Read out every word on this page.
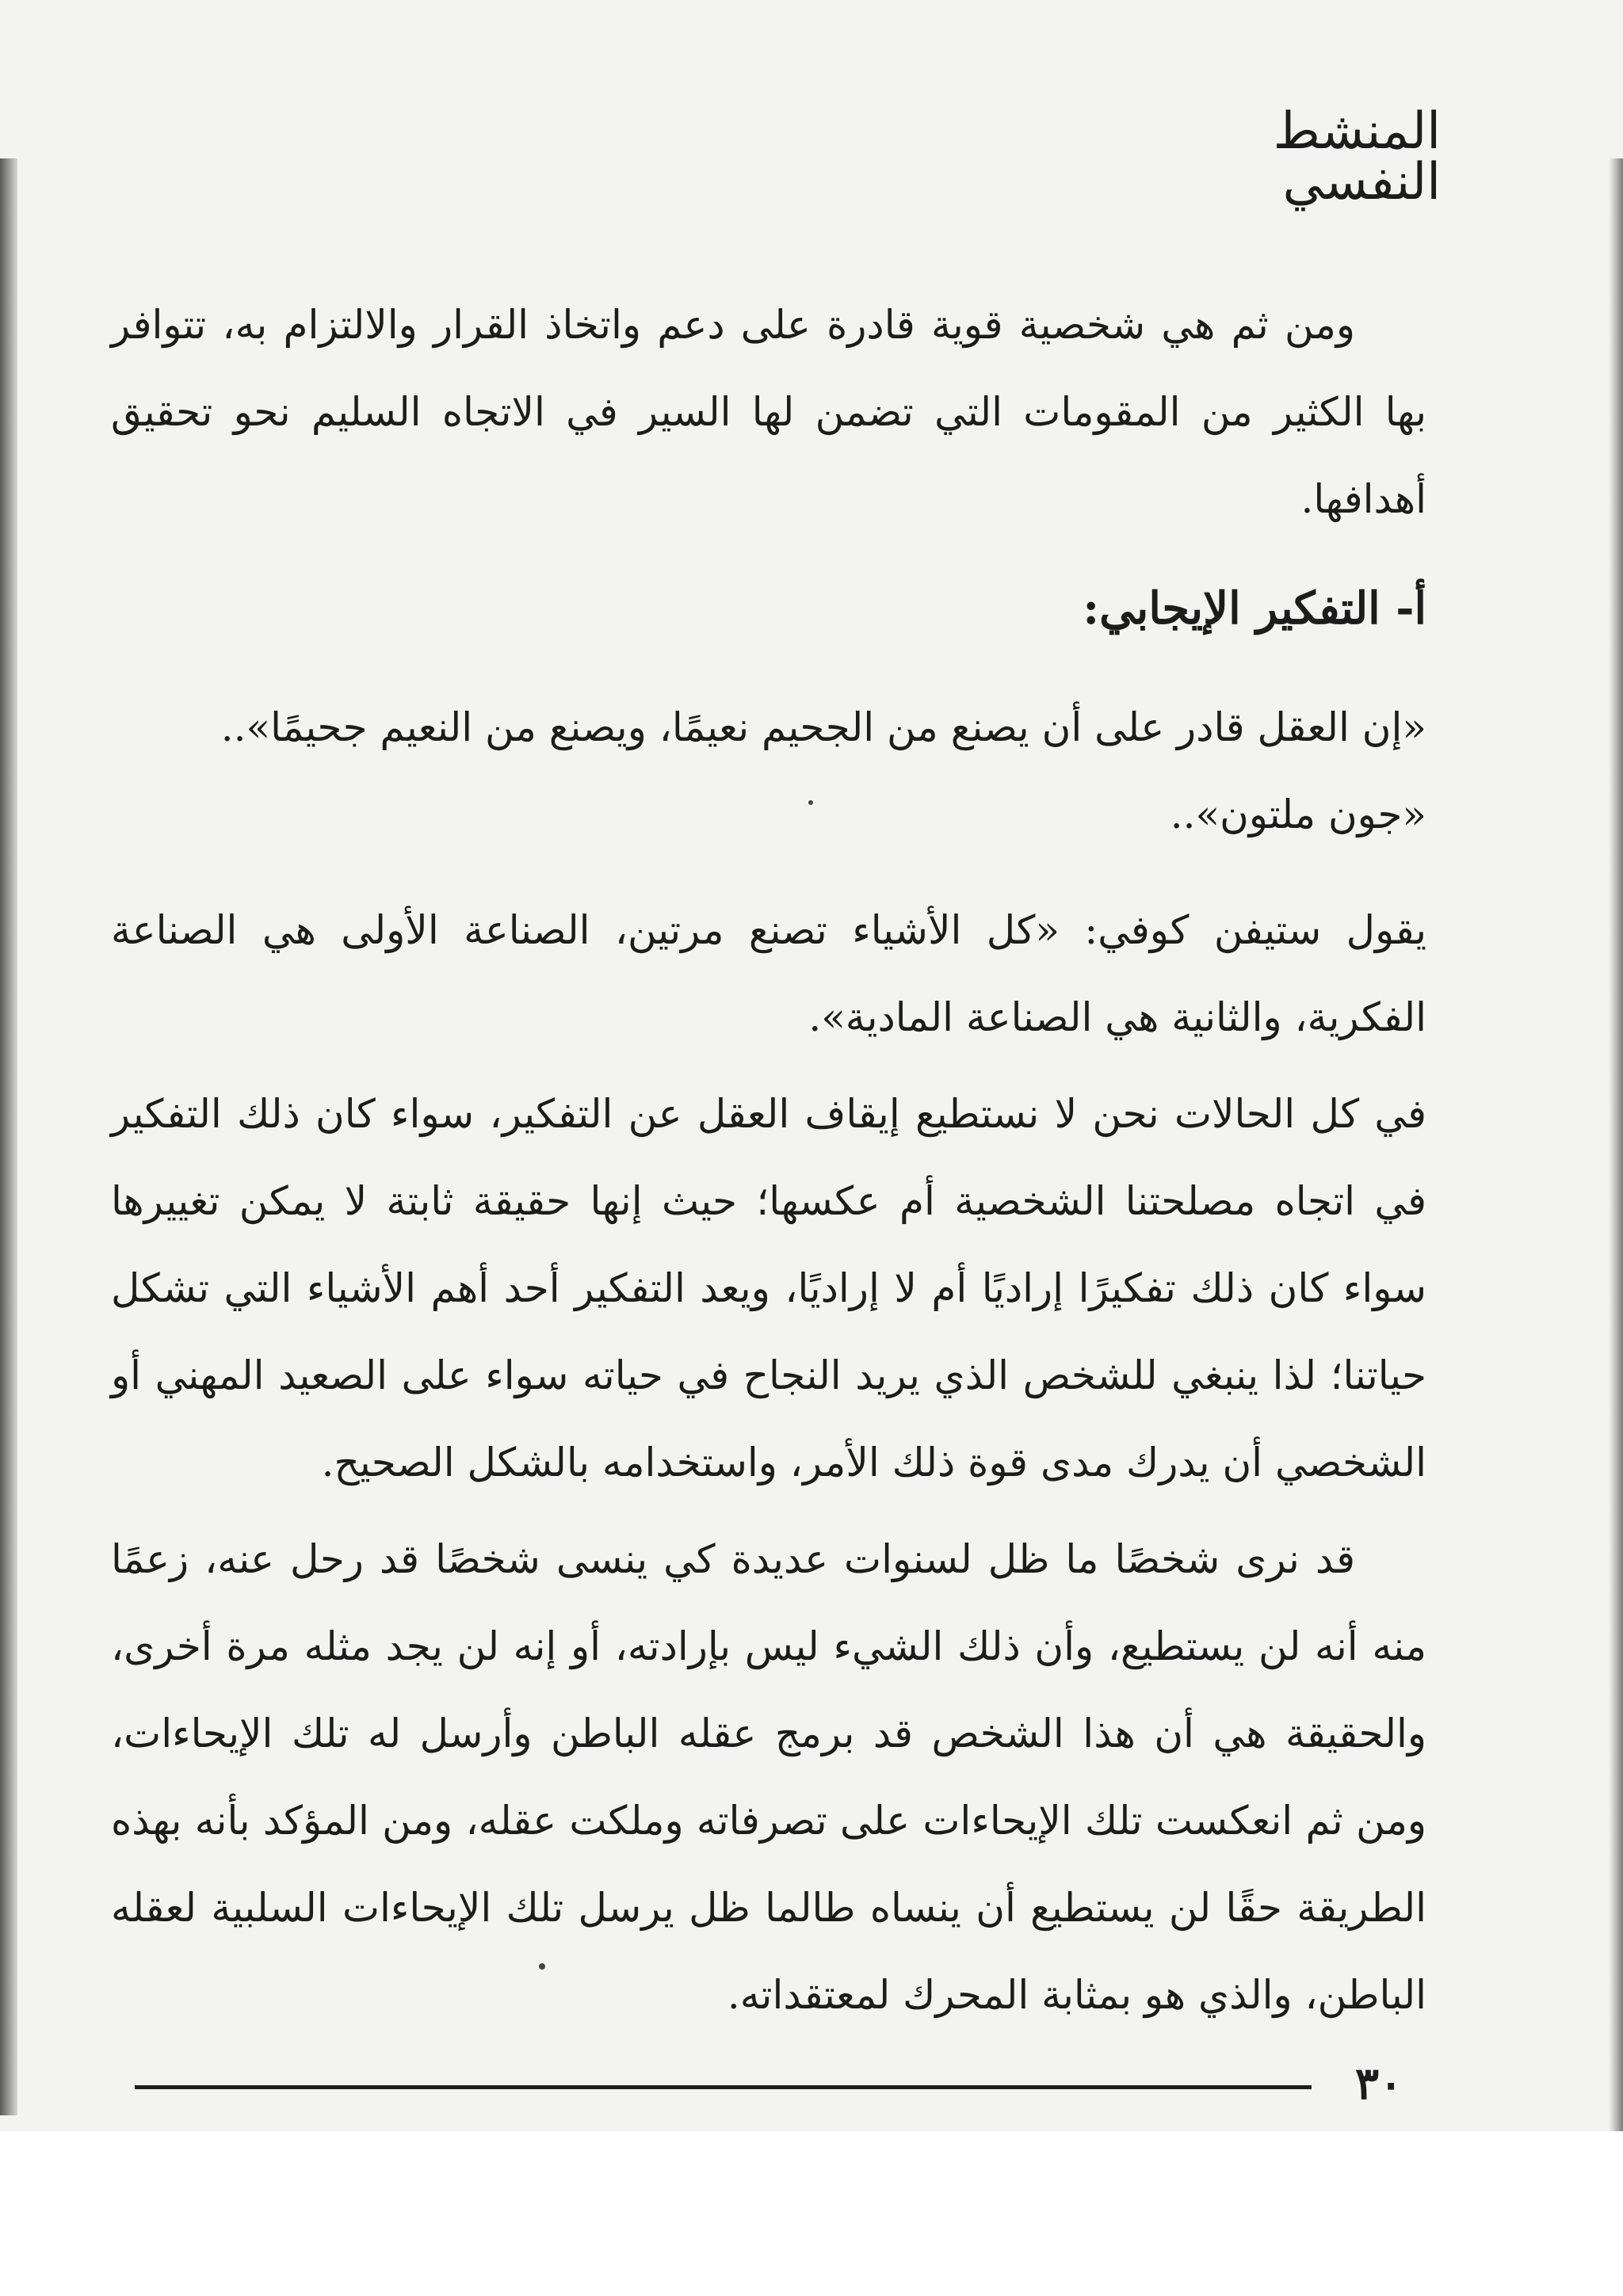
المنشط النفسي

ومن ثم هي شخصية قوية قادرة على دعم واتخاذ القرار والالتزام به، تتوافر بها الكثير من المقومات التي تضمن لها السير في الاتجاه السليم نحو تحقيق أهدافها.

أ- التفكير الإيجابي:

«إن العقل قادر على أن يصنع من الجحيم نعيمًا، ويصنع من النعيم جحيمًا»..

«جون ملتون»..

يقول ستيفن كوفي: «كل الأشياء تصنع مرتين، الصناعة الأولى هي الصناعة الفكرية، والثانية هي الصناعة المادية».

في كل الحالات نحن لا نستطيع إيقاف العقل عن التفكير، سواء كان ذلك التفكير في اتجاه مصلحتنا الشخصية أم عكسها؛ حيث إنها حقيقة ثابتة لا يمكن تغييرها سواء كان ذلك تفكيرًا إراديًا أم لا إراديًا، ويعد التفكير أحد أهم الأشياء التي تشكل حياتنا؛ لذا ينبغي للشخص الذي يريد النجاح في حياته سواء على الصعيد المهني أو الشخصي أن يدرك مدى قوة ذلك الأمر، واستخدامه بالشكل الصحيح.

قد نرى شخصًا ما ظل لسنوات عديدة كي ينسى شخصًا قد رحل عنه، زعمًا منه أنه لن يستطيع، وأن ذلك الشيء ليس بإرادته، أو إنه لن يجد مثله مرة أخرى، والحقيقة هي أن هذا الشخص قد برمج عقله الباطن وأرسل له تلك الإيحاءات، ومن ثم انعكست تلك الإيحاءات على تصرفاته وملكت عقله، ومن المؤكد بأنه بهذه الطريقة حقًا لن يستطيع أن ينساه طالما ظل يرسل تلك الإيحاءات السلبية لعقله الباطن، والذي هو بمثابة المحرك لمعتقداته.

٣٠
